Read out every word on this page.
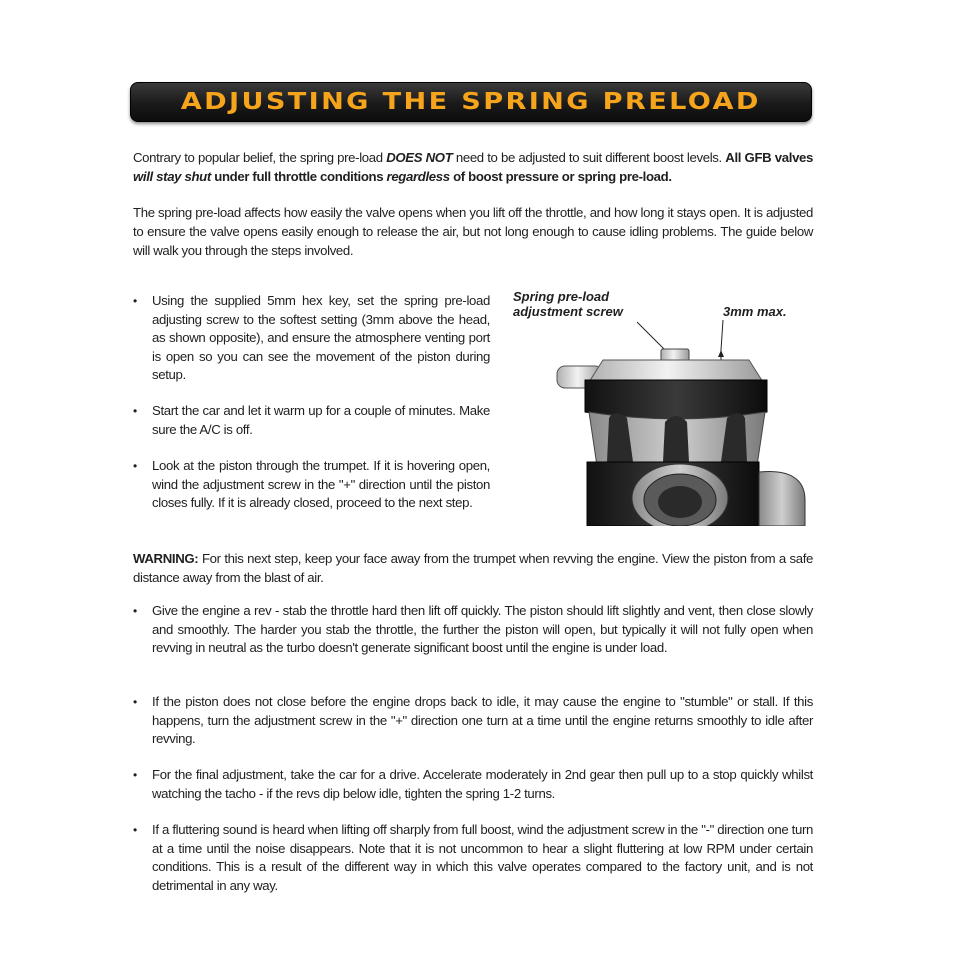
ADJUSTING THE SPRING PRELOAD

Contrary to popular belief, the spring pre-load DOES NOT need to be adjusted to suit different boost levels. All GFB valves will stay shut under full throttle conditions regardless of boost pressure or spring pre-load.

The spring pre-load affects how easily the valve opens when you lift off the throttle, and how long it stays open. It is adjusted to ensure the valve opens easily enough to release the air, but not long enough to cause idling problems. The guide below will walk you through the steps involved.

•	Using the supplied 5mm hex key, set the spring pre-load adjusting screw to the softest setting (3mm above the head, as shown opposite), and ensure the atmosphere venting port is open so you can see the movement of the piston during setup.
•	Start the car and let it warm up for a couple of minutes. Make sure the A/C is off.
•	Look at the piston through the trumpet. If it is hovering open, wind the adjustment screw in the "+" direction until the piston closes fully. If it is already closed, proceed to the next step.
Spring pre-load adjustment screw	3mm max.

WARNING: For this next step, keep your face away from the trumpet when revving the engine. View the piston from a safe distance away from the blast of air.

•	Give the engine a rev - stab the throttle hard then lift off quickly. The piston should lift slightly and vent, then close slowly and smoothly. The harder you stab the throttle, the further the piston will open, but typically it will not fully open when revving in neutral as the turbo doesn't generate significant boost until the engine is under load.
•	If the piston does not close before the engine drops back to idle, it may cause the engine to "stumble" or stall. If this happens, turn the adjustment screw in the "+" direction one turn at a time until the engine returns smoothly to idle after revving.
•	For the final adjustment, take the car for a drive. Accelerate moderately in 2nd gear then pull up to a stop quickly whilst watching the tacho - if the revs dip below idle, tighten the spring 1-2 turns.
•	If a fluttering sound is heard when lifting off sharply from full boost, wind the adjustment screw in the "-" direction one turn at a time until the noise disappears. Note that it is not uncommon to hear a slight fluttering at low RPM under certain conditions. This is a result of the different way in which this valve operates compared to the factory unit, and is not detrimental in any way.
